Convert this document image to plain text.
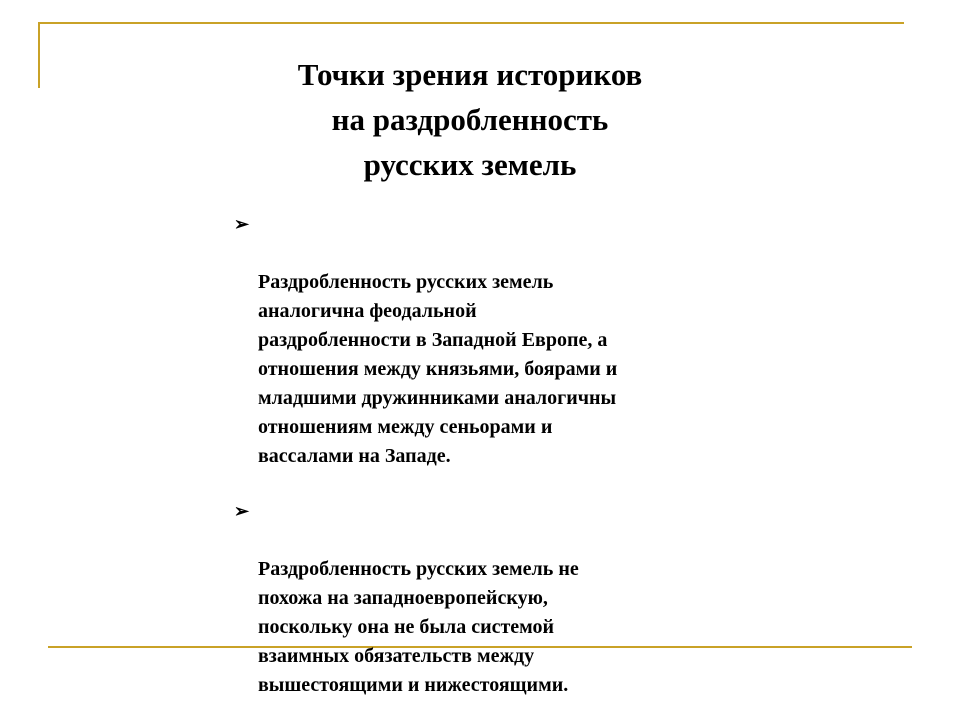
Точки зрения историков
на раздробленность
русских земель

➢

Раздробленность русских земель
аналогична феодальной
раздробленности в Западной Европе, а
отношения между князьями, боярами и
младшими дружинниками аналогичны
отношениям между сеньорами и
вассалами на Западе.

➢

Раздробленность русских земель не
похожа на западноевропейскую,
поскольку она не была системой
взаимных обязательств между
вышестоящими и нижестоящими.
